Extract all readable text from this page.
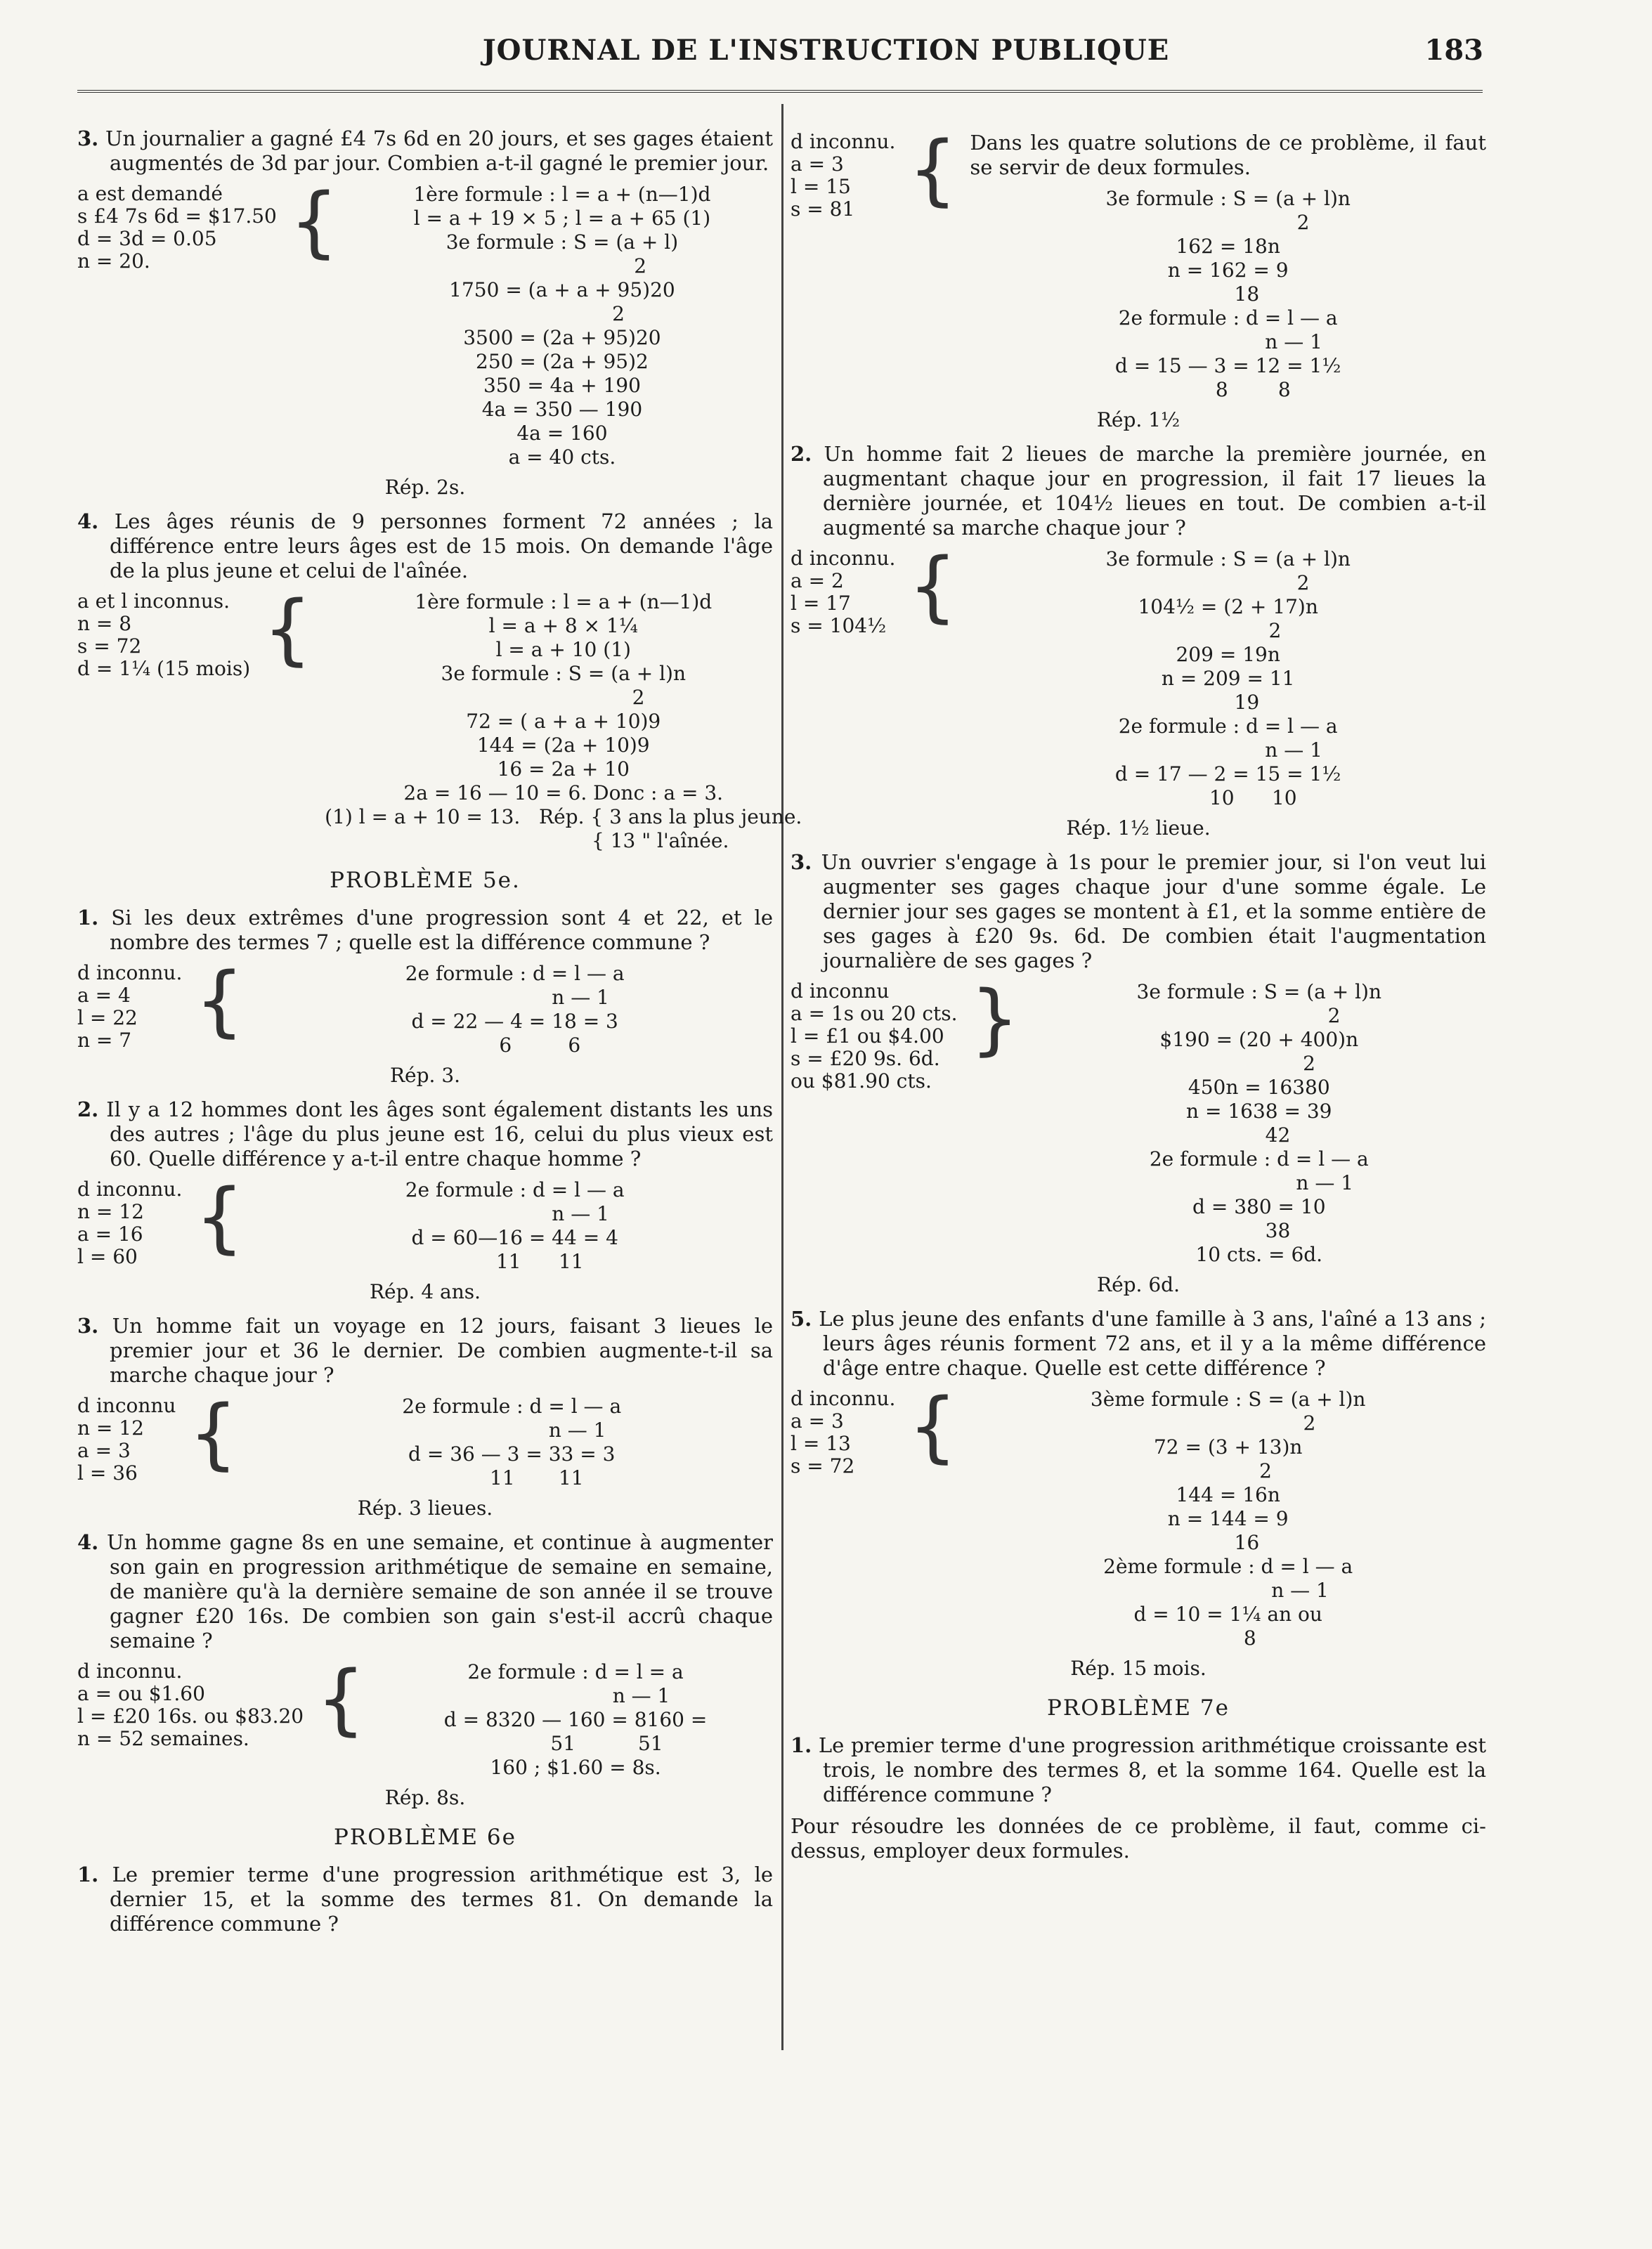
JOURNAL DE L'INSTRUCTION PUBLIQUE	183
3. Un journalier a gagné £4 7s 6d en 20 jours, et ses gages étaient augmentés de 3d par jour. Combien a-t-il gagné le premier jour.
a est demandé
s £4 7s 6d = $17.50
d = 3d = 0.05
n = 20.	{	1ère formule : l = a + (n—1)d
l = a + 19 × 5 ; l = a + 65 (1)
3e formule : S = (a + l)
2
1750 = (a + a + 95)20
2
3500 = (2a + 95)20
250 = (2a + 95)2
350 = 4a + 190
4a = 350 — 190
4a = 160
a = 40 cts.
Rép. 2s.
4. Les âges réunis de 9 personnes forment 72 années ; la différence entre leurs âges est de 15 mois. On demande l'âge de la plus jeune et celui de l'aînée.
a et l inconnus.
n = 8
s = 72
d = 1¼ (15 mois) {	1ère formule : l = a + (n—1)d
l = a + 8 × 1¼
l = a + 10 (1)
3e formule : S = (a + l)n
2
72 = ( a + a + 10)9
144 = (2a + 10)9
16 = 2a + 10
2a = 16 — 10 = 6. Donc : a = 3.
(1) l = a + 10 = 13.   Rép. { 3 ans la plus jeune.
{ 13 " l'aînée.
PROBLÈME 5e.
1. Si les deux extrêmes d'une progression sont 4 et 22, et le nombre des termes 7 ; quelle est la différence commune ?
d inconnu.
a = 4
l = 22
n = 7 {	2e formule : d = l — a
n — 1
d = 22 — 4 = 18 = 3
6         6
Rép. 3.
2. Il y a 12 hommes dont les âges sont également distants les uns des autres ; l'âge du plus jeune est 16, celui du plus vieux est 60. Quelle différence y a-t-il entre chaque homme ?
d inconnu.
n = 12
a = 16
l = 60 {	2e formule : d = l — a
n — 1
d = 60—16 = 44 = 4
11      11
Rép. 4 ans.
3. Un homme fait un voyage en 12 jours, faisant 3 lieues le premier jour et 36 le dernier. De combien augmente-t-il sa marche chaque jour ?
d inconnu
n = 12
a = 3
l = 36 {	2e formule : d = l — a
n — 1
d = 36 — 3 = 33 = 3
11       11
Rép. 3 lieues.
4. Un homme gagne 8s en une semaine, et continue à augmenter son gain en progression arithmétique de semaine en semaine, de manière qu'à la dernière semaine de son année il se trouve gagner £20 16s. De combien son gain s'est-il accrû chaque semaine ?
d inconnu.
a = ou $1.60
l = £20 16s. ou $83.20
n = 52 semaines. {	2e formule : d = l = a
n — 1
d = 8320 — 160 = 8160 =
51          51
160 ; $1.60 = 8s.
Rép. 8s.
PROBLÈME 6e
1. Le premier terme d'une progression arithmétique est 3, le dernier 15, et la somme des termes 81. On demande la différence commune ?
d inconnu.
a = 3
l = 15
s = 81 { Dans les quatre solutions de ce problème, il faut se servir de deux formules.
3e formule : S = (a + l)n
2
162 = 18n
n = 162 = 9
18
2e formule : d = l — a
n — 1
d = 15 — 3 = 12 = 1½
8        8
Rép. 1½
2. Un homme fait 2 lieues de marche la première journée, en augmentant chaque jour en progression, il fait 17 lieues la dernière journée, et 104½ lieues en tout. De combien a-t-il augmenté sa marche chaque jour ?
d inconnu.
a = 2
l = 17
s = 104½ {	3e formule : S = (a + l)n
2
104½ = (2 + 17)n
2
209 = 19n
n = 209 = 11
19
2e formule : d = l — a
n — 1
d = 17 — 2 = 15 = 1½
10      10
Rép. 1½ lieue.
3. Un ouvrier s'engage à 1s pour le premier jour, si l'on veut lui augmenter ses gages chaque jour d'une somme égale. Le dernier jour ses gages se montent à £1, et la somme entière de ses gages à £20 9s. 6d. De combien était l'augmentation journalière de ses gages ?
d inconnu
a = 1s ou 20 cts.
l = £1 ou $4.00
s = £20 9s. 6d.
ou $81.90 cts.
}	3e formule : S = (a + l)n
2
$190 = (20 + 400)n
2
450n = 16380
n = 1638 = 39
42
2e formule : d = l — a
n — 1
d = 380 = 10
38
10 cts. = 6d.
Rép. 6d.
5. Le plus jeune des enfants d'une famille à 3 ans, l'aîné a 13 ans ; leurs âges réunis forment 72 ans, et il y a la même différence d'âge entre chaque. Quelle est cette différence ?
d inconnu.
a = 3
l = 13
s = 72 {	3ème formule : S = (a + l)n
2
72 = (3 + 13)n
2
144 = 16n
n = 144 = 9
16
2ème formule : d = l — a
n — 1
d = 10 = 1¼ an ou
8
Rép. 15 mois.
PROBLÈME 7e
1. Le premier terme d'une progression arithmétique croissante est trois, le nombre des termes 8, et la somme 164. Quelle est la différence commune ?
Pour résoudre les données de ce problème, il faut, comme ci-dessus, employer deux formules.
